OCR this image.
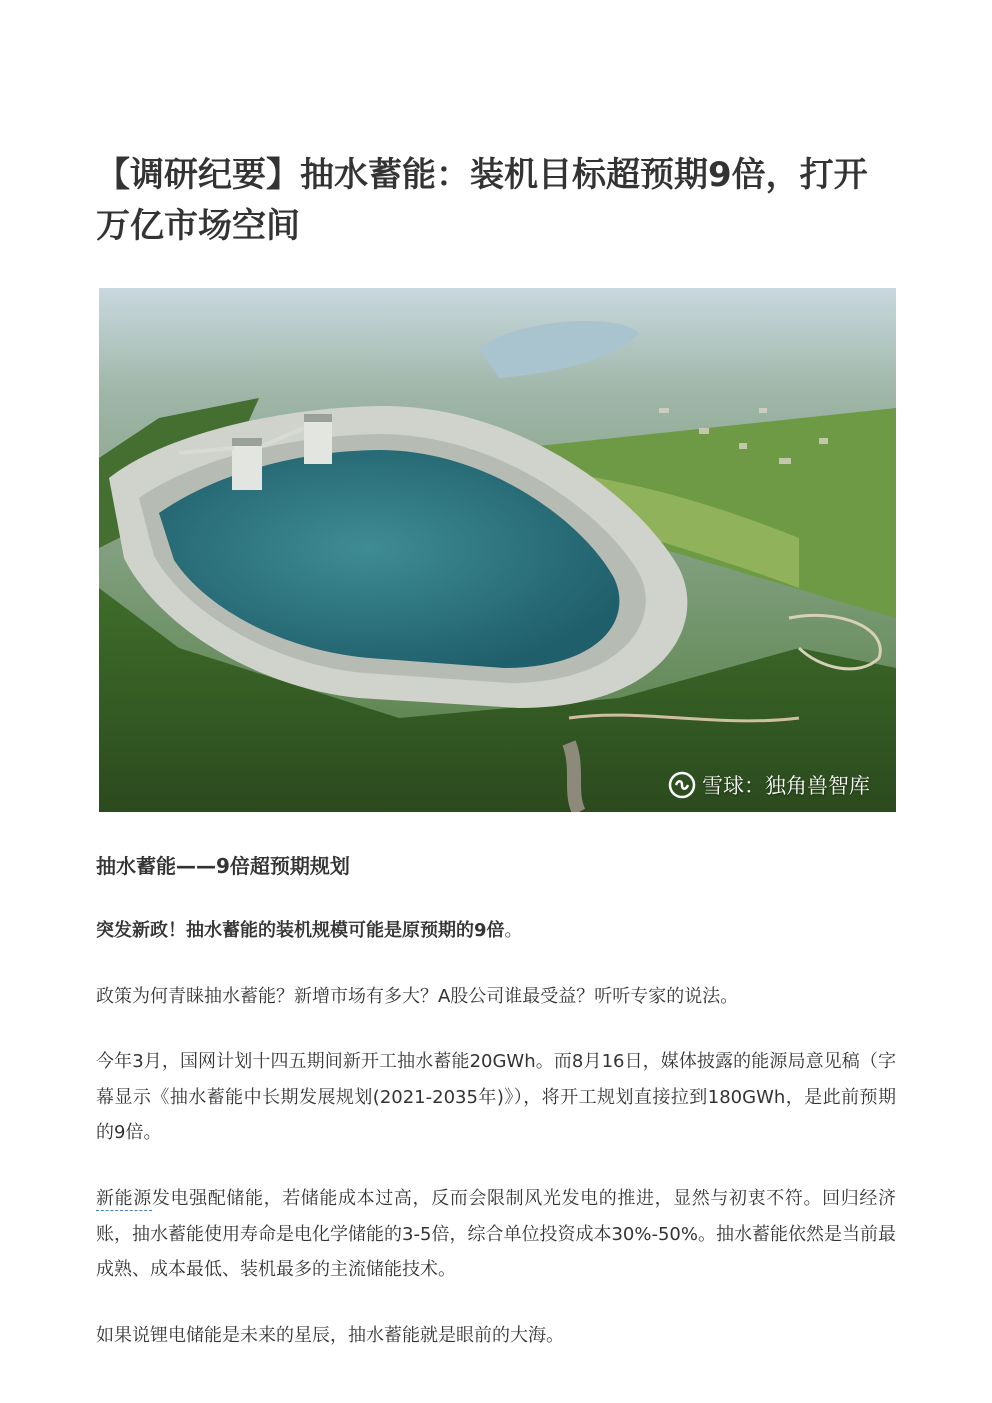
【调研纪要】抽水蓄能：装机目标超预期9倍，打开万亿市场空间
雪球：独角兽智库
抽水蓄能——9倍超预期规划

突发新政！抽水蓄能的装机规模可能是原预期的9倍。

政策为何青睐抽水蓄能？新增市场有多大？A股公司谁最受益？听听专家的说法。

今年3月，国网计划十四五期间新开工抽水蓄能20GWh。而8月16日，媒体披露的能源局意见稿（字幕显示《抽水蓄能中长期发展规划(2021-2035年)》），将开工规划直接拉到180GWh，是此前预期的9倍。

新能源发电强配储能，若储能成本过高，反而会限制风光发电的推进，显然与初衷不符。回归经济账，抽水蓄能使用寿命是电化学储能的3-5倍，综合单位投资成本30%-50%。抽水蓄能依然是当前最成熟、成本最低、装机最多的主流储能技术。

如果说锂电储能是未来的星辰，抽水蓄能就是眼前的大海。
